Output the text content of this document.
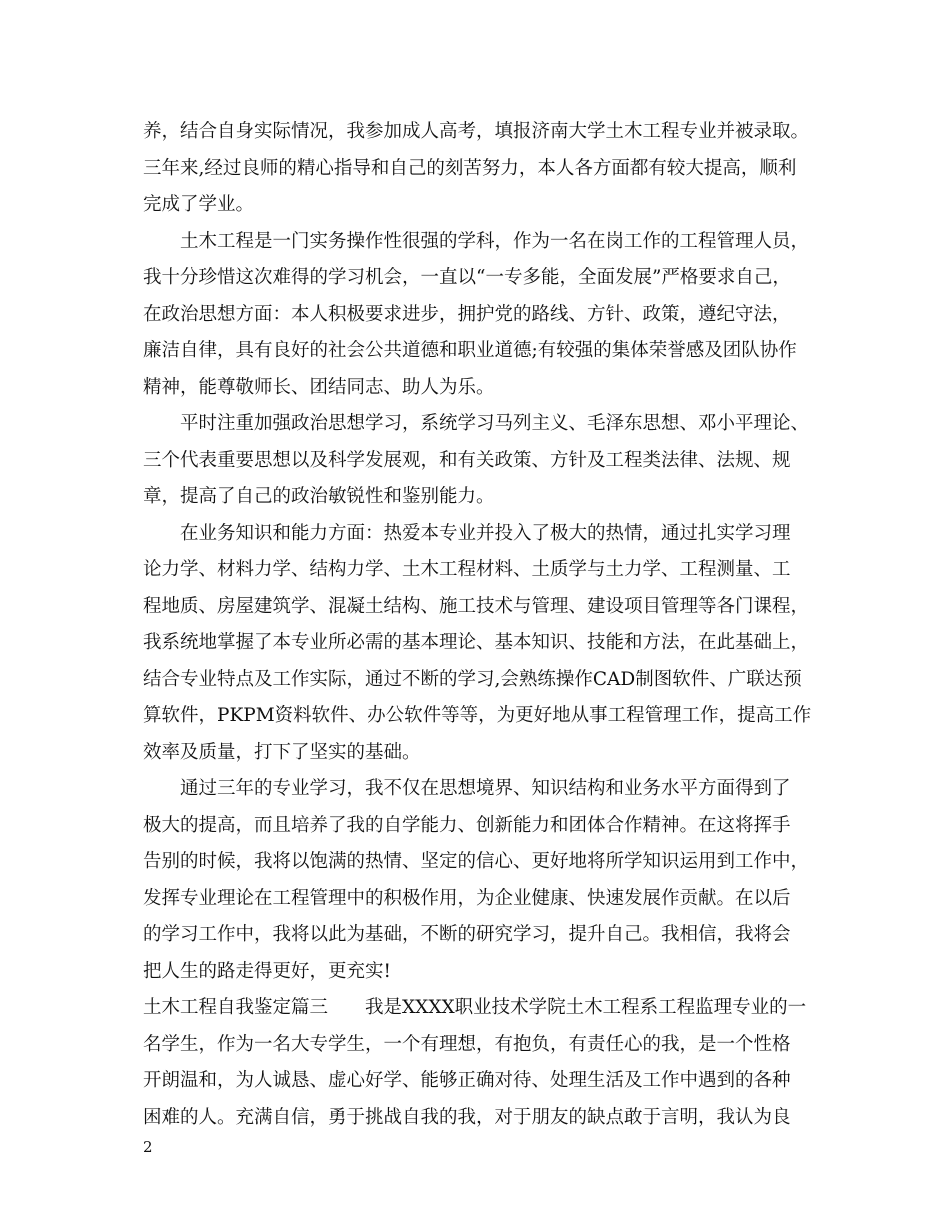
养，结合自身实际情况，我参加成人高考，填报济南大学土木工程专业并被录取。
三年来,经过良师的精心指导和自己的刻苦努力，本人各方面都有较大提高，顺利
完成了学业。
土木工程是一门实务操作性很强的学科，作为一名在岗工作的工程管理人员，
我十分珍惜这次难得的学习机会，一直以“一专多能，全面发展”严格要求自己，
在政治思想方面：本人积极要求进步，拥护党的路线、方针、政策，遵纪守法，
廉洁自律，具有良好的社会公共道德和职业道德;有较强的集体荣誉感及团队协作
精神，能尊敬师长、团结同志、助人为乐。
平时注重加强政治思想学习，系统学习马列主义、毛泽东思想、邓小平理论、
三个代表重要思想以及科学发展观，和有关政策、方针及工程类法律、法规、规
章，提高了自己的政治敏锐性和鉴别能力。
在业务知识和能力方面：热爱本专业并投入了极大的热情，通过扎实学习理
论力学、材料力学、结构力学、土木工程材料、土质学与土力学、工程测量、工
程地质、房屋建筑学、混凝土结构、施工技术与管理、建设项目管理等各门课程，
我系统地掌握了本专业所必需的基本理论、基本知识、技能和方法，在此基础上，
结合专业特点及工作实际，通过不断的学习,会熟练操作CAD制图软件、广联达预
算软件，PKPM资料软件、办公软件等等，为更好地从事工程管理工作，提高工作
效率及质量，打下了坚实的基础。
通过三年的专业学习，我不仅在思想境界、知识结构和业务水平方面得到了
极大的提高，而且培养了我的自学能力、创新能力和团体合作精神。在这将挥手
告别的时候，我将以饱满的热情、坚定的信心、更好地将所学知识运用到工作中，
发挥专业理论在工程管理中的积极作用，为企业健康、快速发展作贡献。在以后
的学习工作中，我将以此为基础，不断的研究学习，提升自己。我相信，我将会
把人生的路走得更好，更充实!
土木工程自我鉴定篇三　　我是XXXX职业技术学院土木工程系工程监理专业的一
名学生，作为一名大专学生，一个有理想，有抱负，有责任心的我，是一个性格
开朗温和，为人诚恳、虚心好学、能够正确对待、处理生活及工作中遇到的各种
困难的人。充满自信，勇于挑战自我的我，对于朋友的缺点敢于言明，我认为良
2
